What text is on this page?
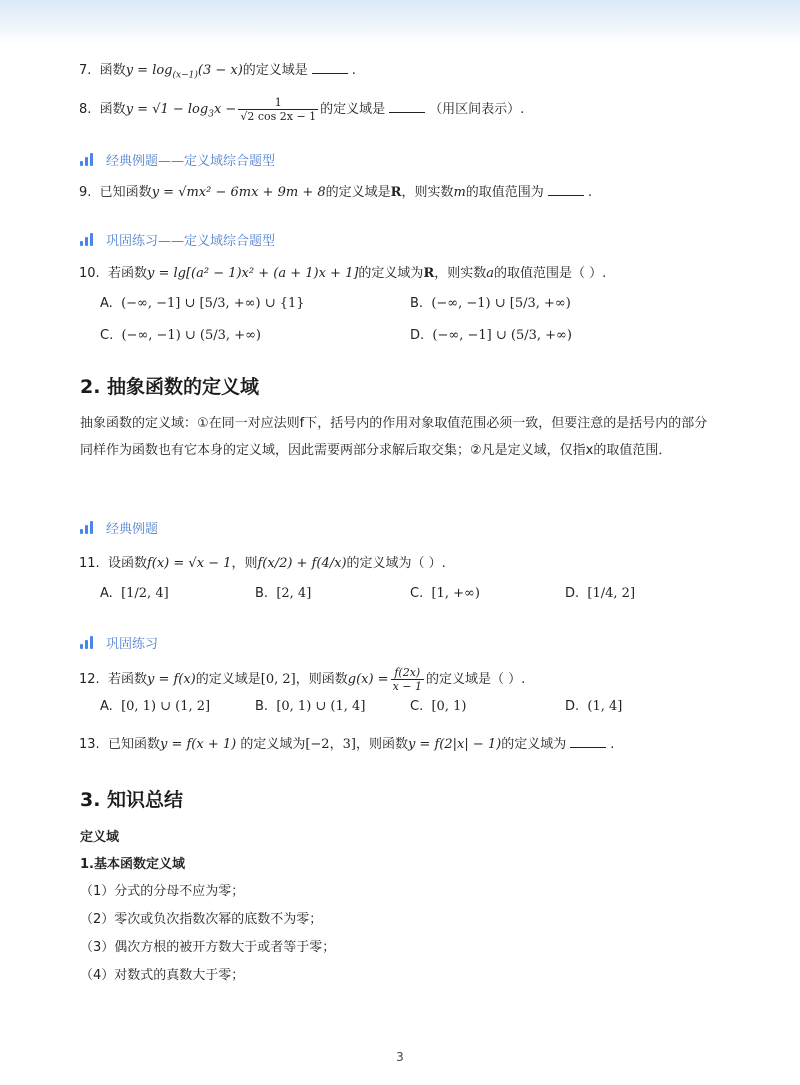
7. 函数$y = \log_{(x-1)}(3 - x)$的定义域是	.
8. 函数$y = √1 - \log_3x - \frac{1}{√2 \cos 2x - 1}$ 的定义域是	（用区间表示）.
经典例题——定义域综合题型
9. 已知函数y = √mx² − 6mx + 9m + 8的定义域是R，则实数m的取值范围为	.
巩固练习——定义域综合题型
10. 若函数y = lg[(a² − 1)x² + (a + 1)x + 1]的定义域为R，则实数a的取值范围是（ ）.
A. (−∞, −1] ∪ [5/3, +∞) ∪ {1}	B. (−∞, −1) ∪ [5/3, +∞)
C. (−∞, −1) ∪ (5/3, +∞)	D. (−∞, −1] ∪ (5/3, +∞)
2. 抽象函数的定义域
抽象函数的定义域：①在同一对应法则f下，括号内的作用对象取值范围必须一致，但要注意的是括号内的部分同样作为函数也有它本身的定义域，因此需要两部分求解后取交集；②凡是定义域，仅指x的取值范围．
经典例题
11. 设函数f(x) = √x − 1，则f(x/2) + f(4/x)的定义域为（ ）.
A. [1/2, 4]	B. [2, 4]	C. [1, +∞)	D. [1/4, 2]
巩固练习
12. 若函数y = f(x)的定义域是[0, 2]，则函数$g(x) = \frac{f(2x)}{x - 1}$ 的定义域是（ ）.
A. [0, 1) ∪ (1, 2]	B. [0, 1) ∪ (1, 4]	C. [0, 1)	D. (1, 4]
13. 已知函数y = f(x + 1) 的定义域为[−2，3]，则函数y = f(2|x| − 1)的定义域为	.
3. 知识总结
定义域
1.基本函数定义域
（1）分式的分母不应为零；
（2）零次或负次指数次幂的底数不为零；
（3）偶次方根的被开方数大于或者等于零；
（4）对数式的真数大于零；
3
